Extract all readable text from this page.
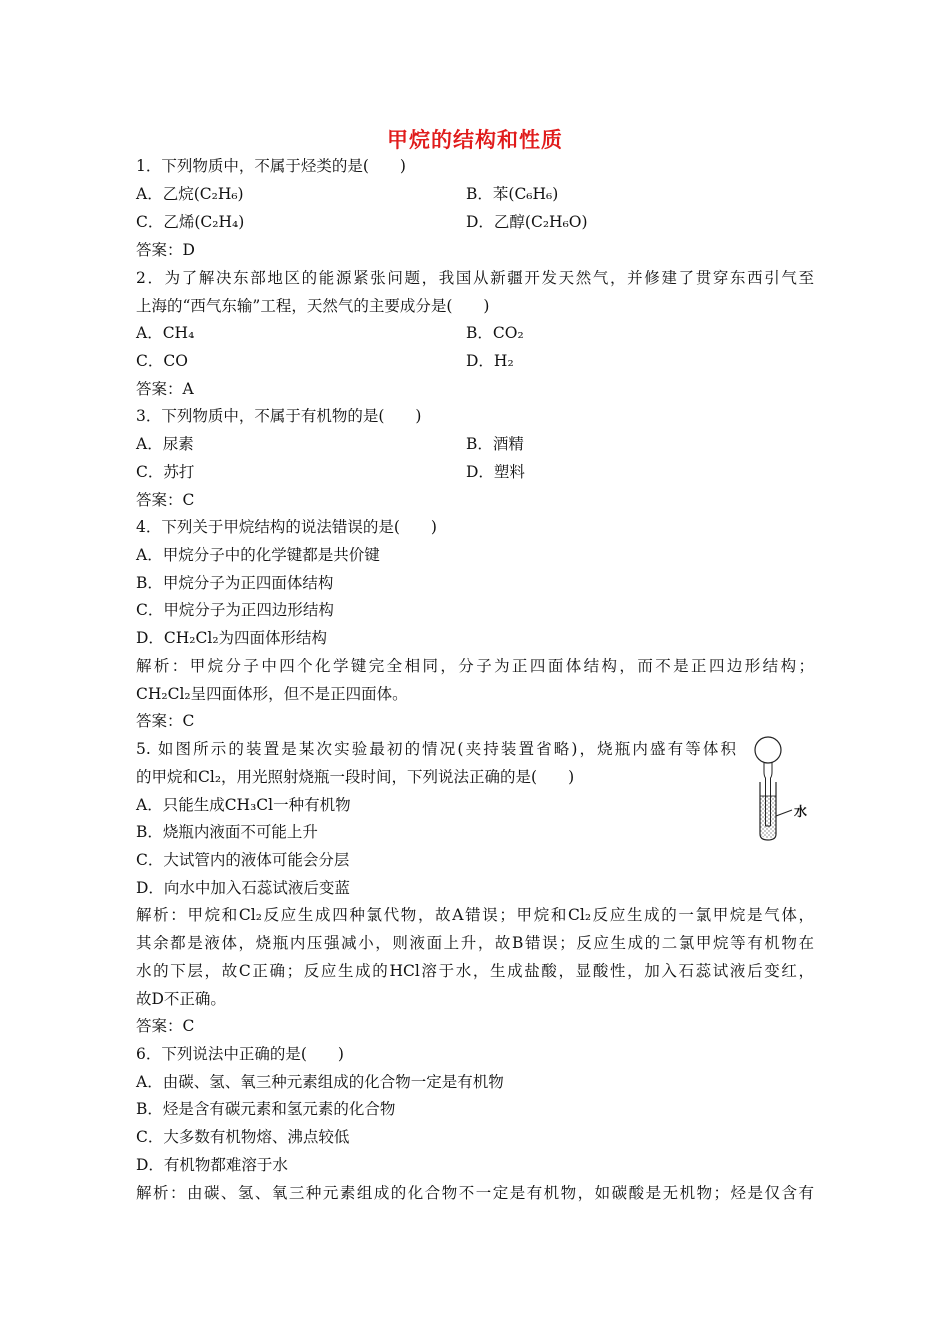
甲烷的结构和性质
1．下列物质中，不属于烃类的是(　　)
A．乙烷(C₂H₆)	B．苯(C₆H₆)
C．乙烯(C₂H₄)	D．乙醇(C₂H₆O)
答案：D
2．为了解决东部地区的能源紧张问题，我国从新疆开发天然气，并修建了贯穿东西引气至
上海的“西气东输”工程，天然气的主要成分是(　　)
A．CH₄	B．CO₂
C．CO	D．H₂
答案：A
3．下列物质中，不属于有机物的是(　　)
A．尿素	B．酒精
C．苏打	D．塑料
答案：C
4．下列关于甲烷结构的说法错误的是(　　)
A．甲烷分子中的化学键都是共价键
B．甲烷分子为正四面体结构
C．甲烷分子为正四边形结构
D．CH₂Cl₂为四面体形结构
解析：甲烷分子中四个化学键完全相同，分子为正四面体结构，而不是正四边形结构；
CH₂Cl₂呈四面体形，但不是正四面体。
答案：C
5. 如图所示的装置是某次实验最初的情况(夹持装置省略)，烧瓶内盛有等体积
的甲烷和Cl₂，用光照射烧瓶一段时间，下列说法正确的是(　　)
A．只能生成CH₃Cl一种有机物
B．烧瓶内液面不可能上升
C．大试管内的液体可能会分层
D．向水中加入石蕊试液后变蓝
解析：甲烷和Cl₂反应生成四种氯代物，故A错误；甲烷和Cl₂反应生成的一氯甲烷是气体，
其余都是液体，烧瓶内压强减小，则液面上升，故B错误；反应生成的二氯甲烷等有机物在
水的下层，故C正确；反应生成的HCl溶于水，生成盐酸，显酸性，加入石蕊试液后变红，
故D不正确。
答案：C
6．下列说法中正确的是(　　)
A．由碳、氢、氧三种元素组成的化合物一定是有机物
B．烃是含有碳元素和氢元素的化合物
C．大多数有机物熔、沸点较低
D．有机物都难溶于水
解析：由碳、氢、氧三种元素组成的化合物不一定是有机物，如碳酸是无机物；烃是仅含有
水
